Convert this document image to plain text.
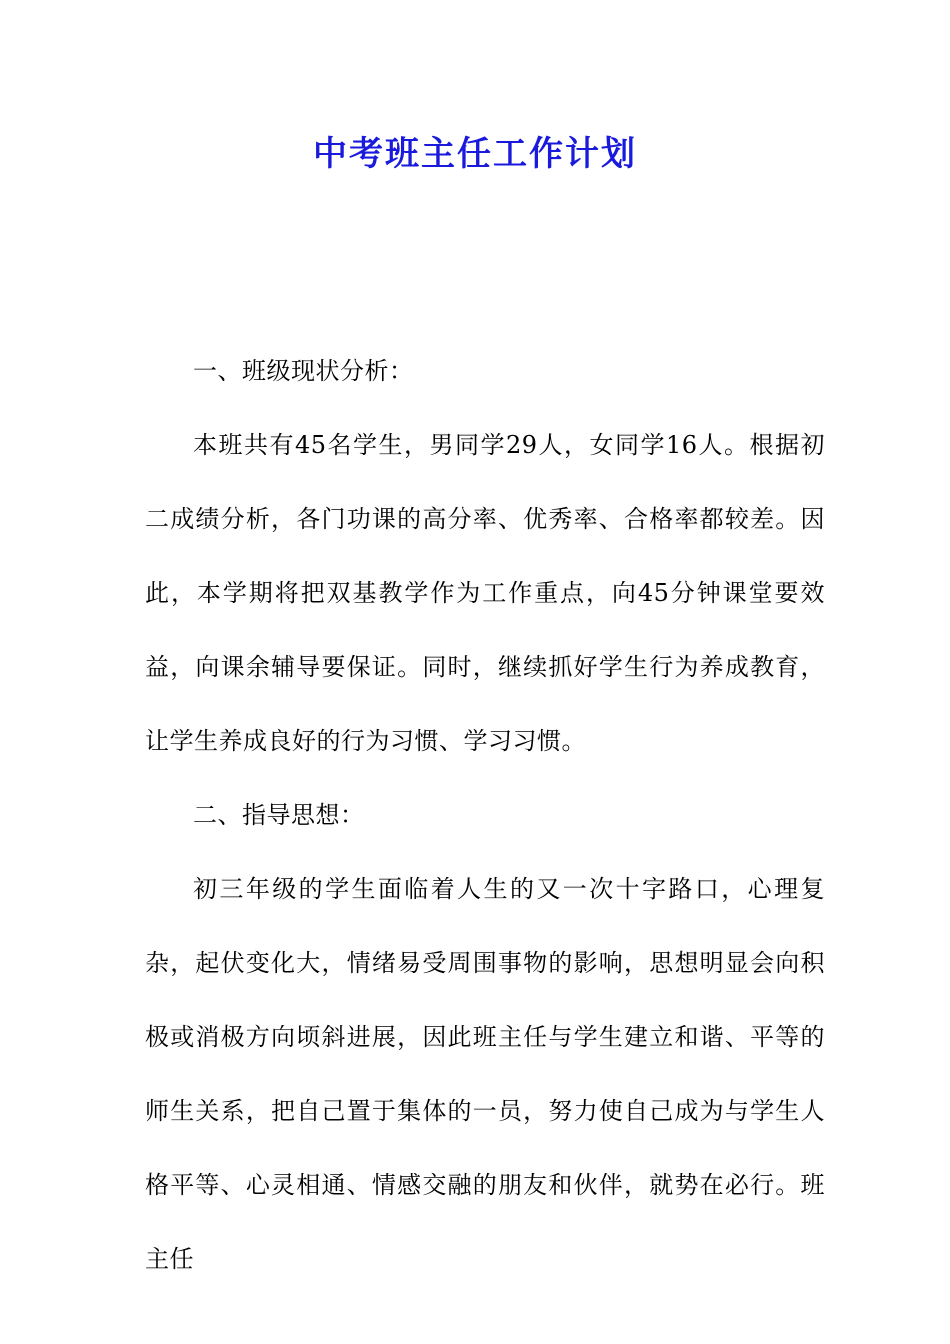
中考班主任工作计划

一、班级现状分析：

本班共有45名学生，男同学29人，女同学16人。根据初二成绩分析，各门功课的高分率、优秀率、合格率都较差。因此，本学期将把双基教学作为工作重点，向45分钟课堂要效益，向课余辅导要保证。同时，继续抓好学生行为养成教育，让学生养成良好的行为习惯、学习习惯。

二、指导思想：

初三年级的学生面临着人生的又一次十字路口，心理复杂，起伏变化大，情绪易受周围事物的影响，思想明显会向积极或消极方向顷斜进展，因此班主任与学生建立和谐、平等的师生关系，把自己置于集体的一员，努力使自己成为与学生人格平等、心灵相通、情感交融的朋友和伙伴，就势在必行。班主任
